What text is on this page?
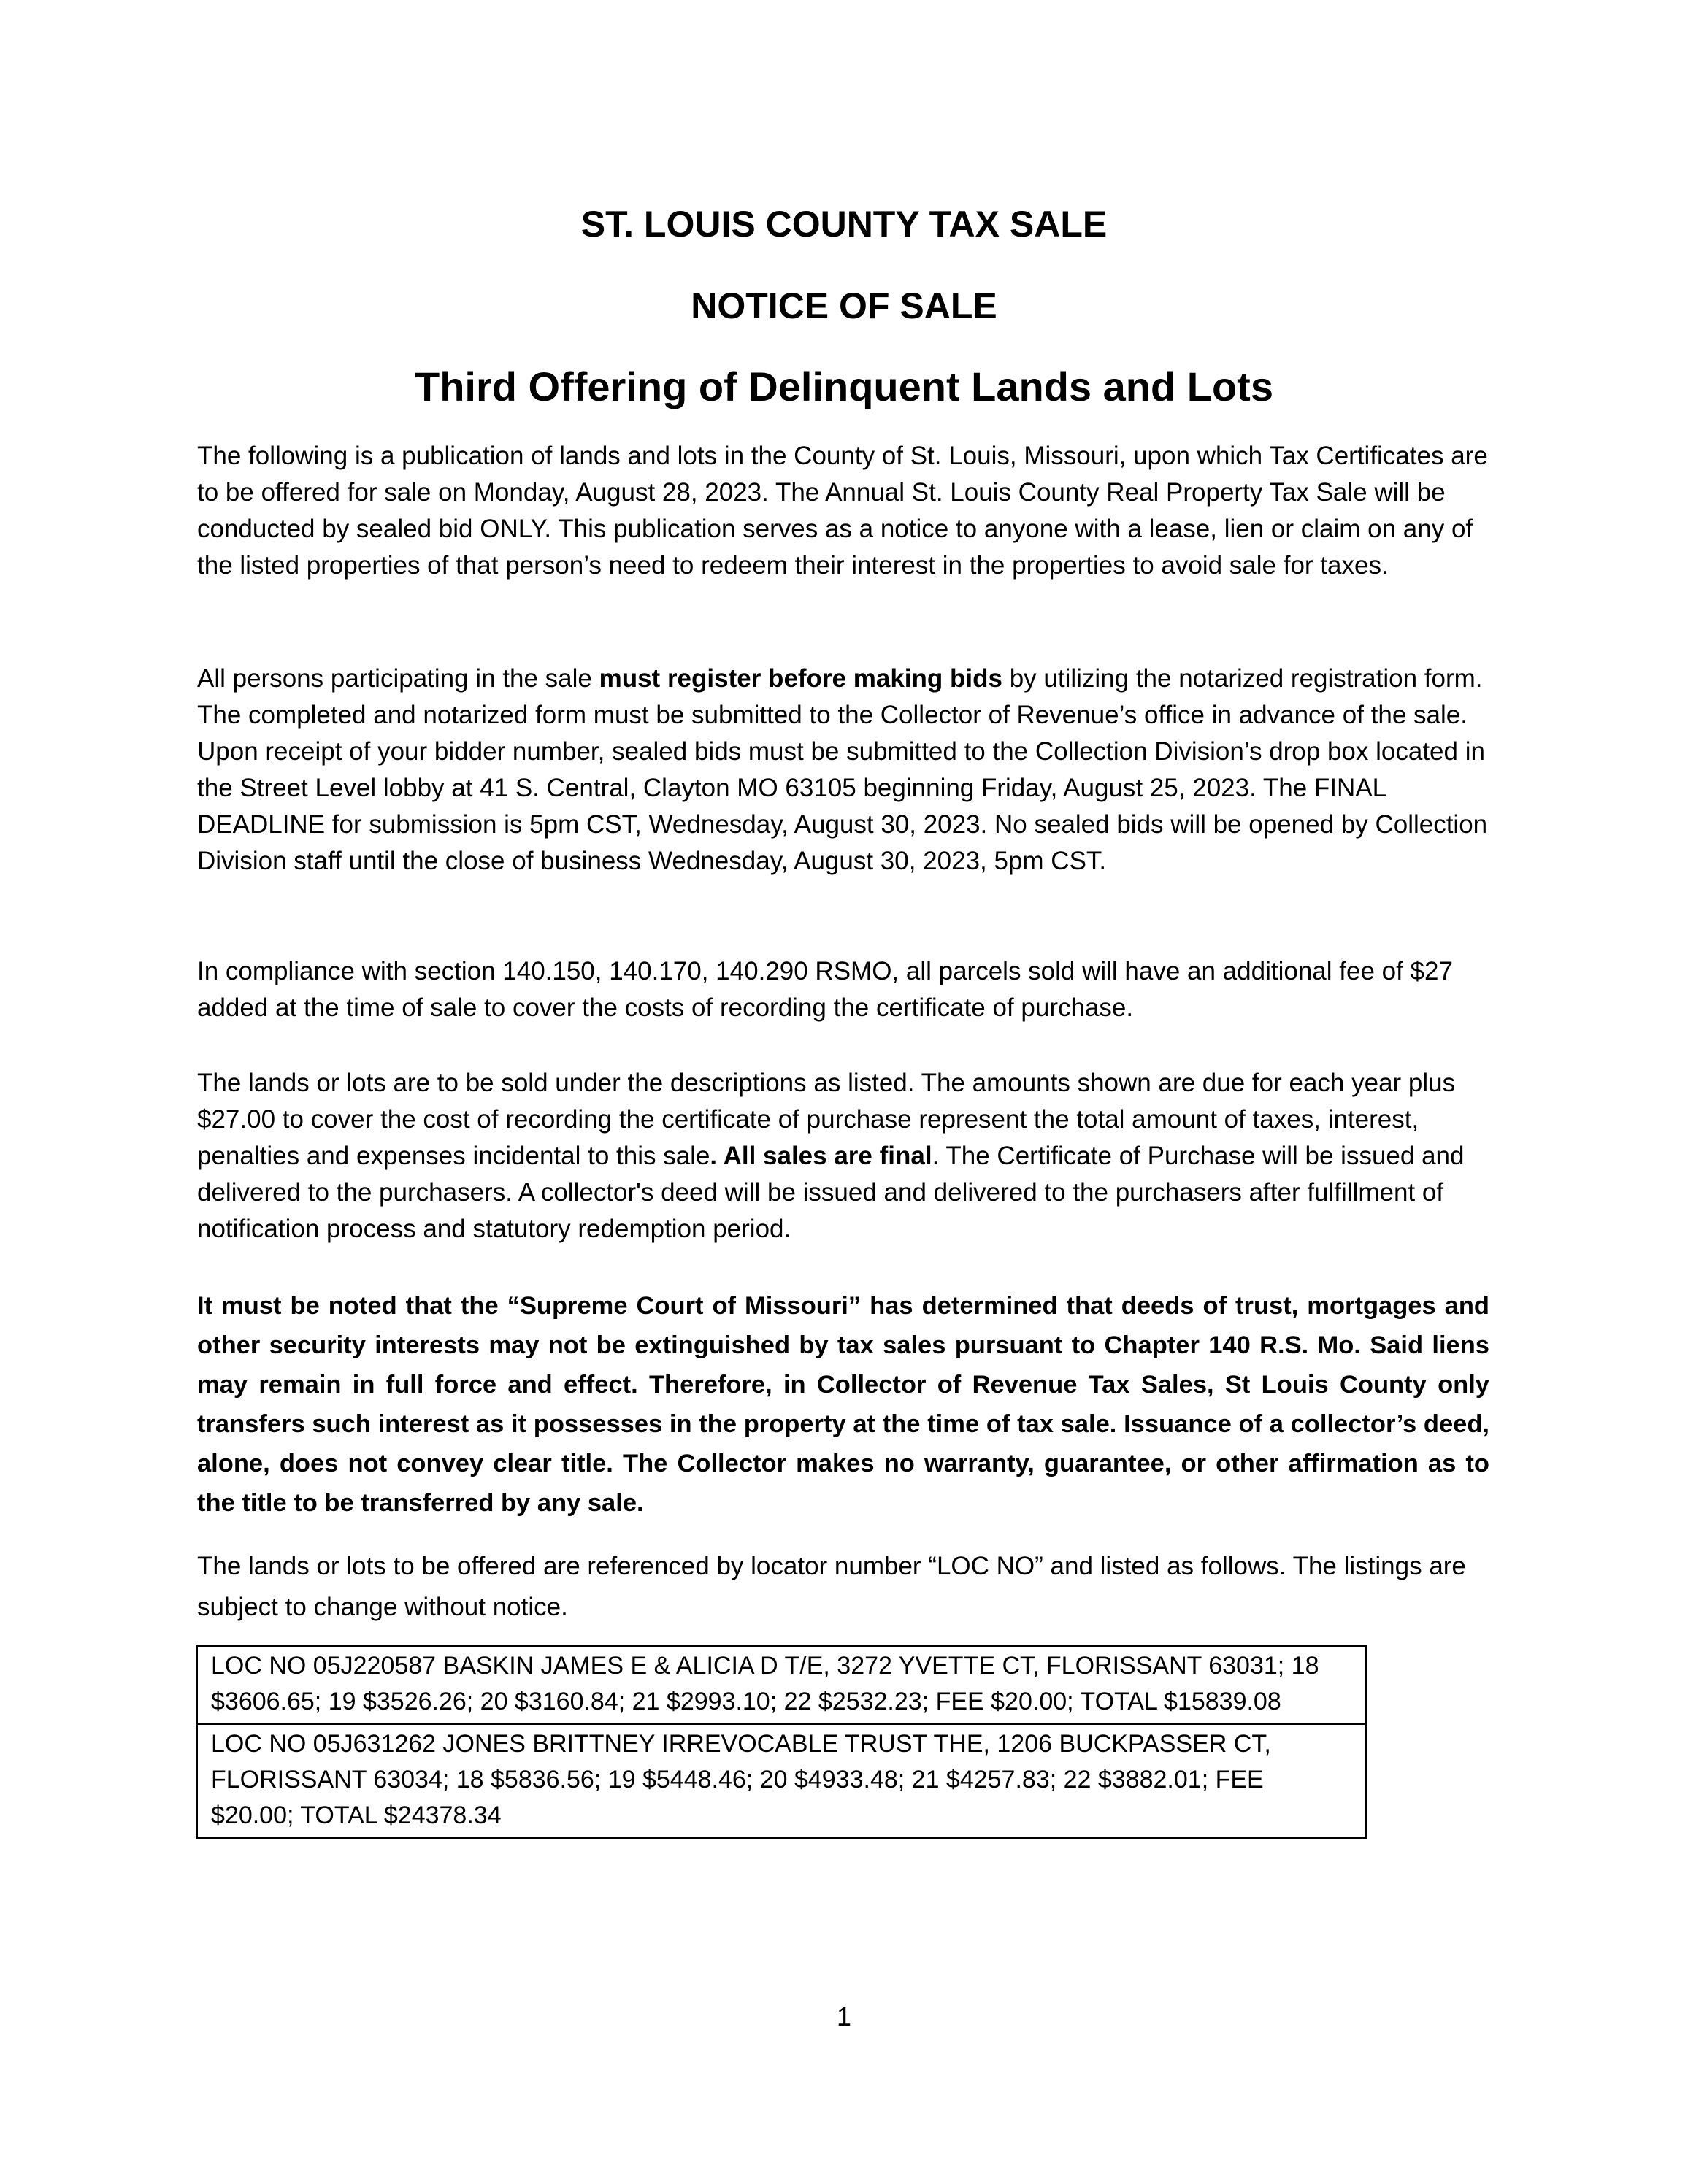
ST. LOUIS COUNTY TAX SALE
NOTICE OF SALE
Third Offering of Delinquent Lands and Lots

The following is a publication of lands and lots in the County of St. Louis, Missouri, upon which Tax Certificates are to be offered for sale on Monday, August 28, 2023. The Annual St. Louis County Real Property Tax Sale will be conducted by sealed bid ONLY. This publication serves as a notice to anyone with a lease, lien or claim on any of the listed properties of that person’s need to redeem their interest in the properties to avoid sale for taxes.

All persons participating in the sale must register before making bids by utilizing the notarized registration form. The completed and notarized form must be submitted to the Collector of Revenue’s office in advance of the sale. Upon receipt of your bidder number, sealed bids must be submitted to the Collection Division’s drop box located in the Street Level lobby at 41 S. Central, Clayton MO 63105 beginning Friday, August 25, 2023. The FINAL DEADLINE for submission is 5pm CST, Wednesday, August 30, 2023. No sealed bids will be opened by Collection Division staff until the close of business Wednesday, August 30, 2023, 5pm CST.

In compliance with section 140.150, 140.170, 140.290 RSMO, all parcels sold will have an additional fee of $27 added at the time of sale to cover the costs of recording the certificate of purchase.

The lands or lots are to be sold under the descriptions as listed. The amounts shown are due for each year plus $27.00 to cover the cost of recording the certificate of purchase represent the total amount of taxes, interest, penalties and expenses incidental to this sale. All sales are final. The Certificate of Purchase will be issued and delivered to the purchasers. A collector's deed will be issued and delivered to the purchasers after fulfillment of notification process and statutory redemption period.

It must be noted that the “Supreme Court of Missouri” has determined that deeds of trust, mortgages and other security interests may not be extinguished by tax sales pursuant to Chapter 140 R.S. Mo. Said liens may remain in full force and effect. Therefore, in Collector of Revenue Tax Sales, St Louis County only transfers such interest as it possesses in the property at the time of tax sale. Issuance of a collector’s deed, alone, does not convey clear title. The Collector makes no warranty, guarantee, or other affirmation as to the title to be transferred by any sale.

The lands or lots to be offered are referenced by locator number “LOC NO” and listed as follows. The listings are subject to change without notice.

LOC NO 05J220587 BASKIN JAMES E & ALICIA D T/E, 3272 YVETTE CT, FLORISSANT 63031; 18 $3606.65; 19 $3526.26; 20 $3160.84; 21 $2993.10; 22 $2532.23; FEE $20.00; TOTAL $15839.08
LOC NO 05J631262 JONES BRITTNEY IRREVOCABLE TRUST THE, 1206 BUCKPASSER CT, FLORISSANT 63034; 18 $5836.56; 19 $5448.46; 20 $4933.48; 21 $4257.83; 22 $3882.01; FEE $20.00; TOTAL $24378.34
1
